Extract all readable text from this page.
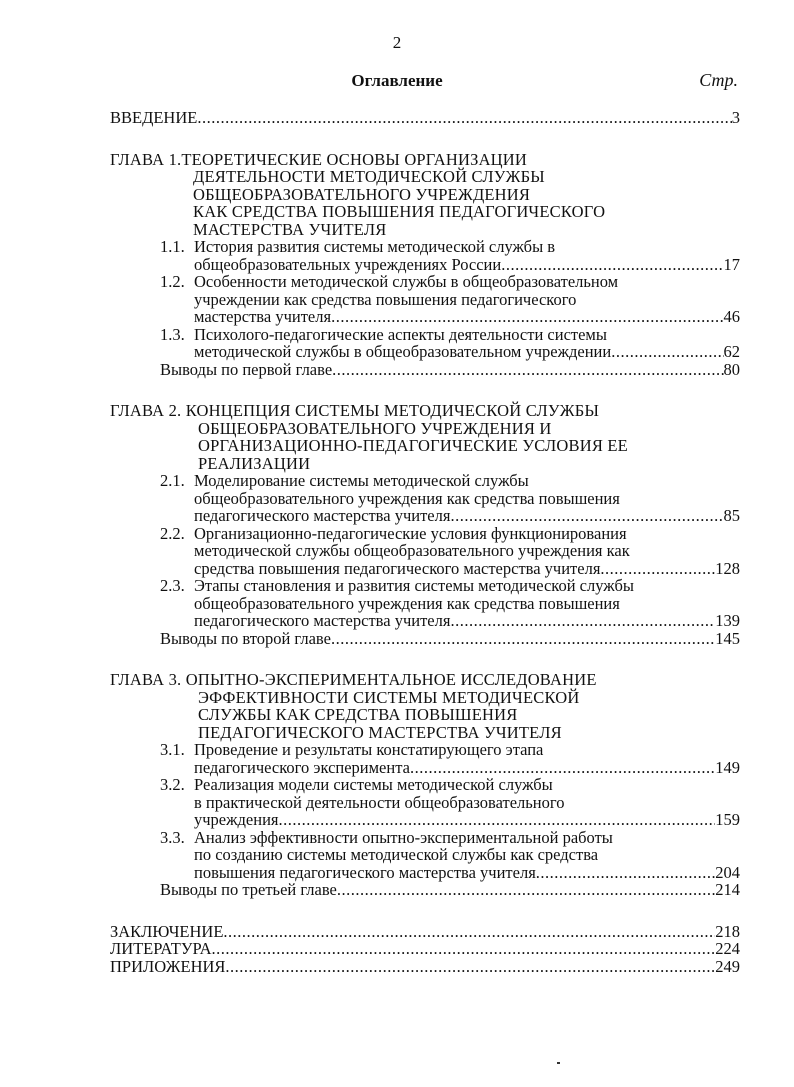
2
Оглавление	Стр.
ВВЕДЕНИЕ .....	3
ГЛАВА 1.ТЕОРЕТИЧЕСКИЕ ОСНОВЫ ОРГАНИЗАЦИИ
ДЕЯТЕЛЬНОСТИ МЕТОДИЧЕСКОЙ СЛУЖБЫ
ОБЩЕОБРАЗОВАТЕЛЬНОГО УЧРЕЖДЕНИЯ
КАК СРЕДСТВА ПОВЫШЕНИЯ ПЕДАГОГИЧЕСКОГО
МАСТЕРСТВА УЧИТЕЛЯ
1.1. История развития системы методической службы в
общеобразовательных учреждениях России .....	17
1.2. Особенности методической службы в общеобразовательном
учреждении как средства повышения педагогического
мастерства учителя .....	46
1.3. Психолого-педагогические аспекты деятельности системы
методической службы в общеобразовательном учреждении .....	62
Выводы по первой главе .....	80
ГЛАВА 2. КОНЦЕПЦИЯ СИСТЕМЫ МЕТОДИЧЕСКОЙ СЛУЖБЫ
ОБЩЕОБРАЗОВАТЕЛЬНОГО УЧРЕЖДЕНИЯ И
ОРГАНИЗАЦИОННО-ПЕДАГОГИЧЕСКИЕ УСЛОВИЯ ЕЕ
РЕАЛИЗАЦИИ
2.1. Моделирование системы методической службы
общеобразовательного учреждения как средства повышения
педагогического мастерства учителя .....	85
2.2. Организационно-педагогические условия функционирования
методической службы общеобразовательного учреждения как
средства повышения педагогического мастерства учителя .....	128
2.3. Этапы становления и развития системы методической службы
общеобразовательного учреждения как средства повышения
педагогического мастерства учителя .....	139
Выводы по второй главе .....	145
ГЛАВА 3. ОПЫТНО-ЭКСПЕРИМЕНТАЛЬНОЕ ИССЛЕДОВАНИЕ
ЭФФЕКТИВНОСТИ СИСТЕМЫ МЕТОДИЧЕСКОЙ
СЛУЖБЫ КАК СРЕДСТВА ПОВЫШЕНИЯ
ПЕДАГОГИЧЕСКОГО МАСТЕРСТВА УЧИТЕЛЯ
3.1. Проведение и результаты констатирующего этапа
педагогического эксперимента .....	149
3.2. Реализация модели системы методической службы
в практической деятельности общеобразовательного
учреждения .....	159
3.3. Анализ эффективности опытно-экспериментальной работы
по созданию системы методической службы как средства
повышения педагогического мастерства учителя .....	204
Выводы по третьей главе .....	214
ЗАКЛЮЧЕНИЕ .....	218
ЛИТЕРАТУРА .....	224
ПРИЛОЖЕНИЯ .....	249
